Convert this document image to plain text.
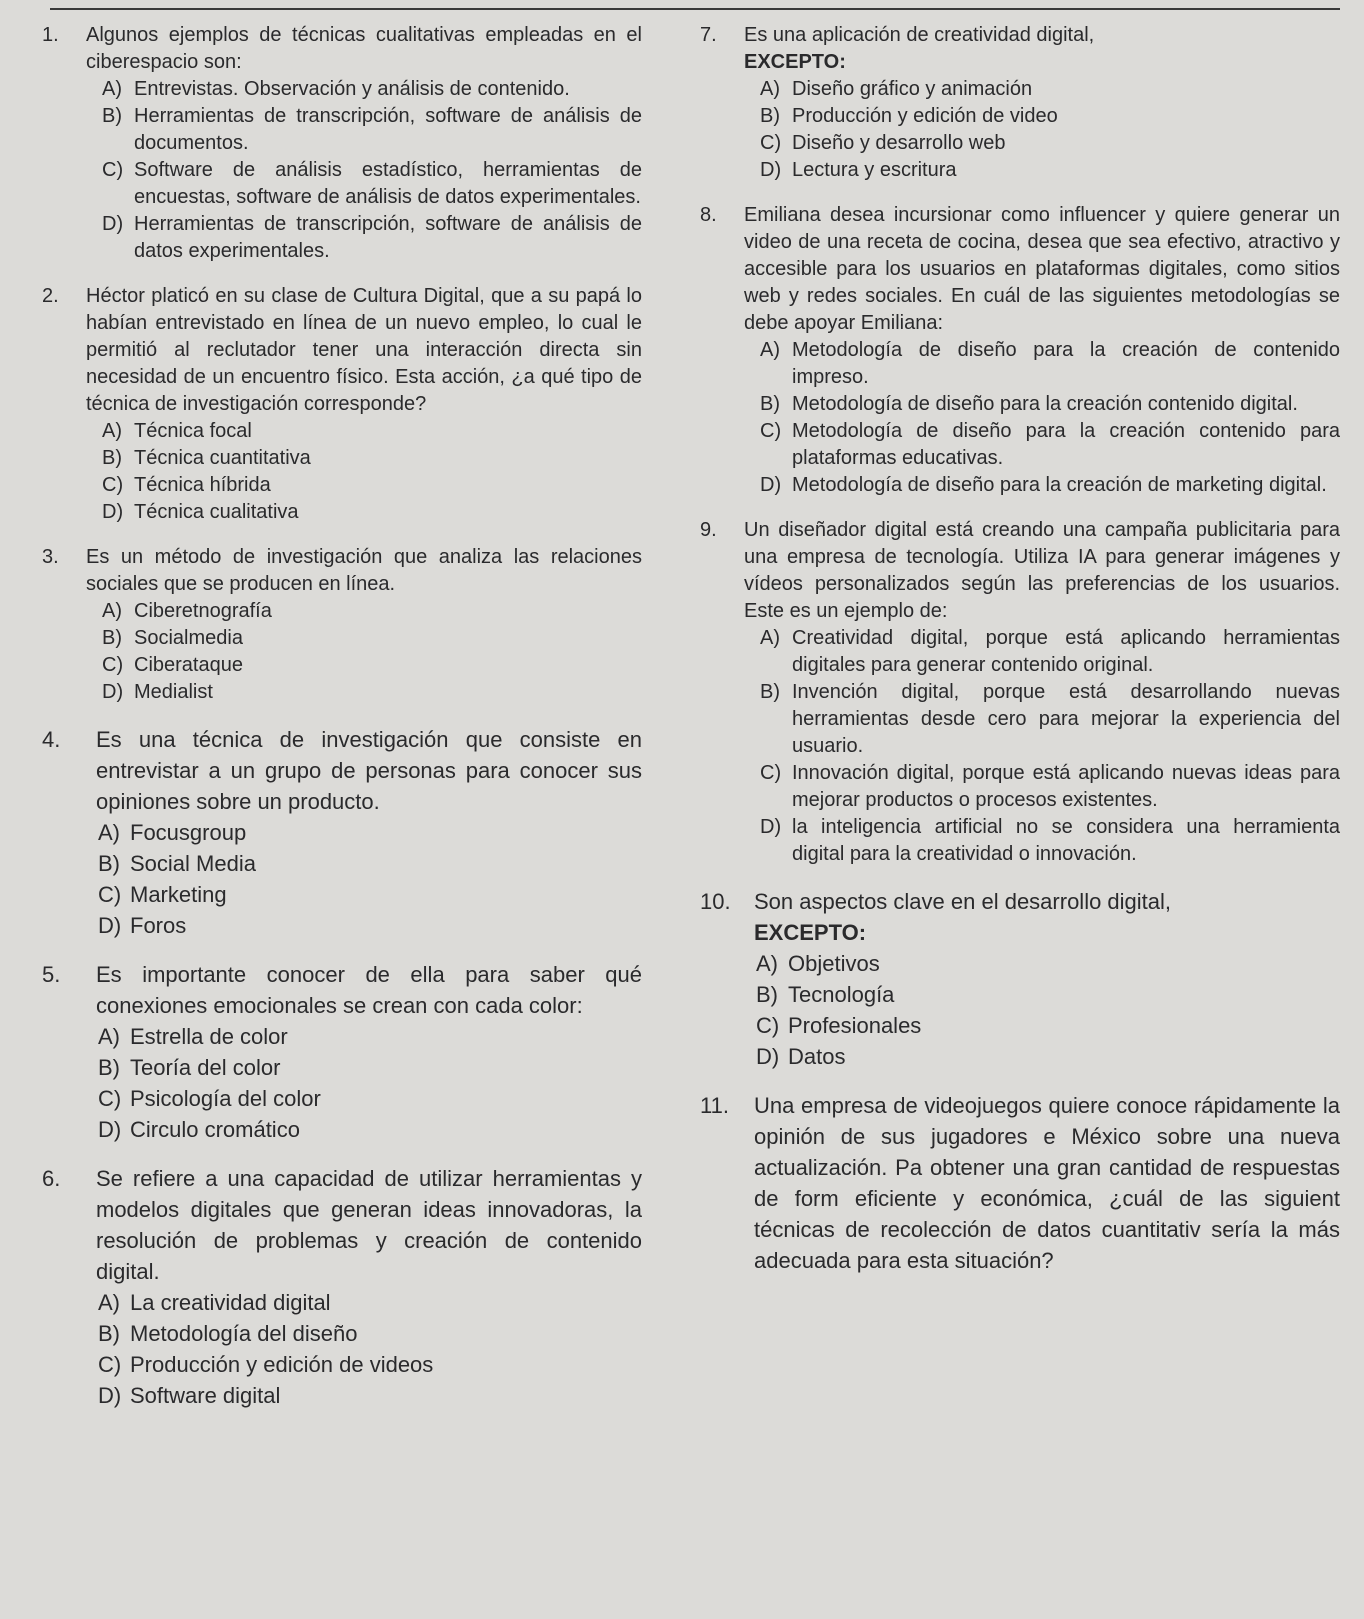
1.	Algunos ejemplos de técnicas cualitativas empleadas en el ciberespacio son:
A) Entrevistas. Observación y análisis de contenido.
B) Herramientas de transcripción, software de análisis de documentos.
C) Software de análisis estadístico, herramientas de encuestas, software de análisis de datos experimentales.
D) Herramientas de transcripción, software de análisis de datos experimentales.
2.	Héctor platicó en su clase de Cultura Digital, que a su papá lo habían entrevistado en línea de un nuevo empleo, lo cual le permitió al reclutador tener una interacción directa sin necesidad de un encuentro físico. Esta acción, ¿a qué tipo de técnica de investigación corresponde?
A) Técnica focal
B) Técnica cuantitativa
C) Técnica híbrida
D) Técnica cualitativa
3.	Es un método de investigación que analiza las relaciones sociales que se producen en línea.
A) Ciberetnografía
B) Socialmedia
C) Ciberataque
D) Medialist
4.	Es una técnica de investigación que consiste en entrevistar a un grupo de personas para conocer sus opiniones sobre un producto.
A) Focusgroup
B) Social Media
C) Marketing
D) Foros
5.	Es importante conocer de ella para saber qué conexiones emocionales se crean con cada color:
A) Estrella de color
B) Teoría del color
C) Psicología del color
D) Circulo cromático
6.	Se refiere a una capacidad de utilizar herramientas y modelos digitales que generan ideas innovadoras, la resolución de problemas y creación de contenido digital.
A) La creatividad digital
B) Metodología del diseño
C) Producción y edición de videos
D) Software digital
7.	Es una aplicación de creatividad digital,
EXCEPTO:
A) Diseño gráfico y animación
B) Producción y edición de video
C) Diseño y desarrollo web
D) Lectura y escritura
8.	Emiliana desea incursionar como influencer y quiere generar un video de una receta de cocina, desea que sea efectivo, atractivo y accesible para los usuarios en plataformas digitales, como sitios web y redes sociales. En cuál de las siguientes metodologías se debe apoyar Emiliana:
A) Metodología de diseño para la creación de contenido impreso.
B) Metodología de diseño para la creación contenido digital.
C) Metodología de diseño para la creación contenido para plataformas educativas.
D) Metodología de diseño para la creación de marketing digital.
9.	Un diseñador digital está creando una campaña publicitaria para una empresa de tecnología. Utiliza IA para generar imágenes y vídeos personalizados según las preferencias de los usuarios. Este es un ejemplo de:
A) Creatividad digital, porque está aplicando herramientas digitales para generar contenido original.
B) Invención digital, porque está desarrollando nuevas herramientas desde cero para mejorar la experiencia del usuario.
C) Innovación digital, porque está aplicando nuevas ideas para mejorar productos o procesos existentes.
D) la inteligencia artificial no se considera una herramienta digital para la creatividad o innovación.
10.	Son aspectos clave en el desarrollo digital,
EXCEPTO:
A) Objetivos
B) Tecnología
C) Profesionales
D) Datos
11.	Una empresa de videojuegos quiere conoce rápidamente la opinión de sus jugadores e México sobre una nueva actualización. Pa obtener una gran cantidad de respuestas de form eficiente y económica, ¿cuál de las siguient técnicas de recolección de datos cuantitativ sería la más adecuada para esta situación?
